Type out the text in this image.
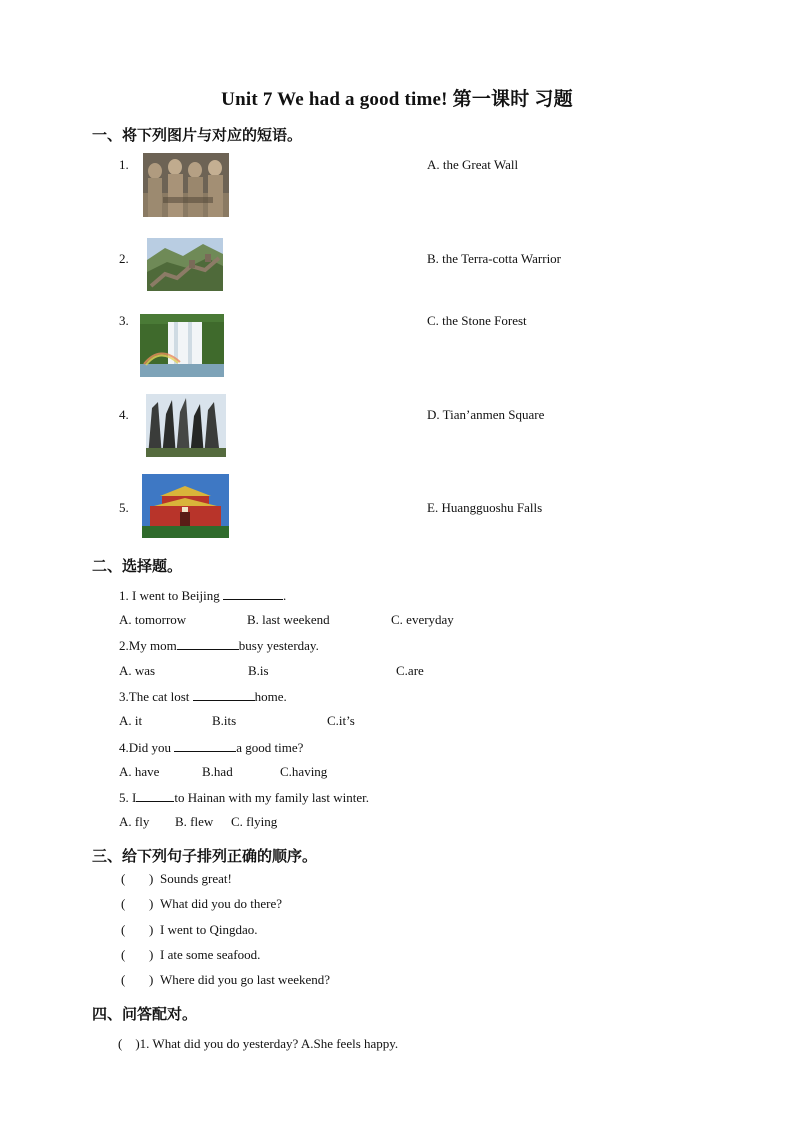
Unit 7 We had a good time! 第一课时 习题
一、将下列图片与对应的短语。
1.	A. the Great Wall
2.	B. the Terra-cotta Warrior
3.	C. the Stone Forest
4.	D. Tian’anmen Square
5.	E. Huangguoshu Falls
二、选择题。
1. I went to Beijing	.
A. tomorrow	B. last weekend	C. everyday
2.My mom	busy yesterday.
A. was	B.is	C.are
3.The cat lost	home.
A. it	B.its	C.it’s
4.Did you	a good time?
A. have	B.had	C.having
5. I	to Hainan with my family last winter.
A. fly B. flew C. flying
三、给下列句子排列正确的顺序。
( ) Sounds great!
( ) What did you do there?
( ) I went to Qingdao.
( ) I ate some seafood.
( ) Where did you go last weekend?
四、问答配对。
(    )1. What did you do yesterday? A.She feels happy.
